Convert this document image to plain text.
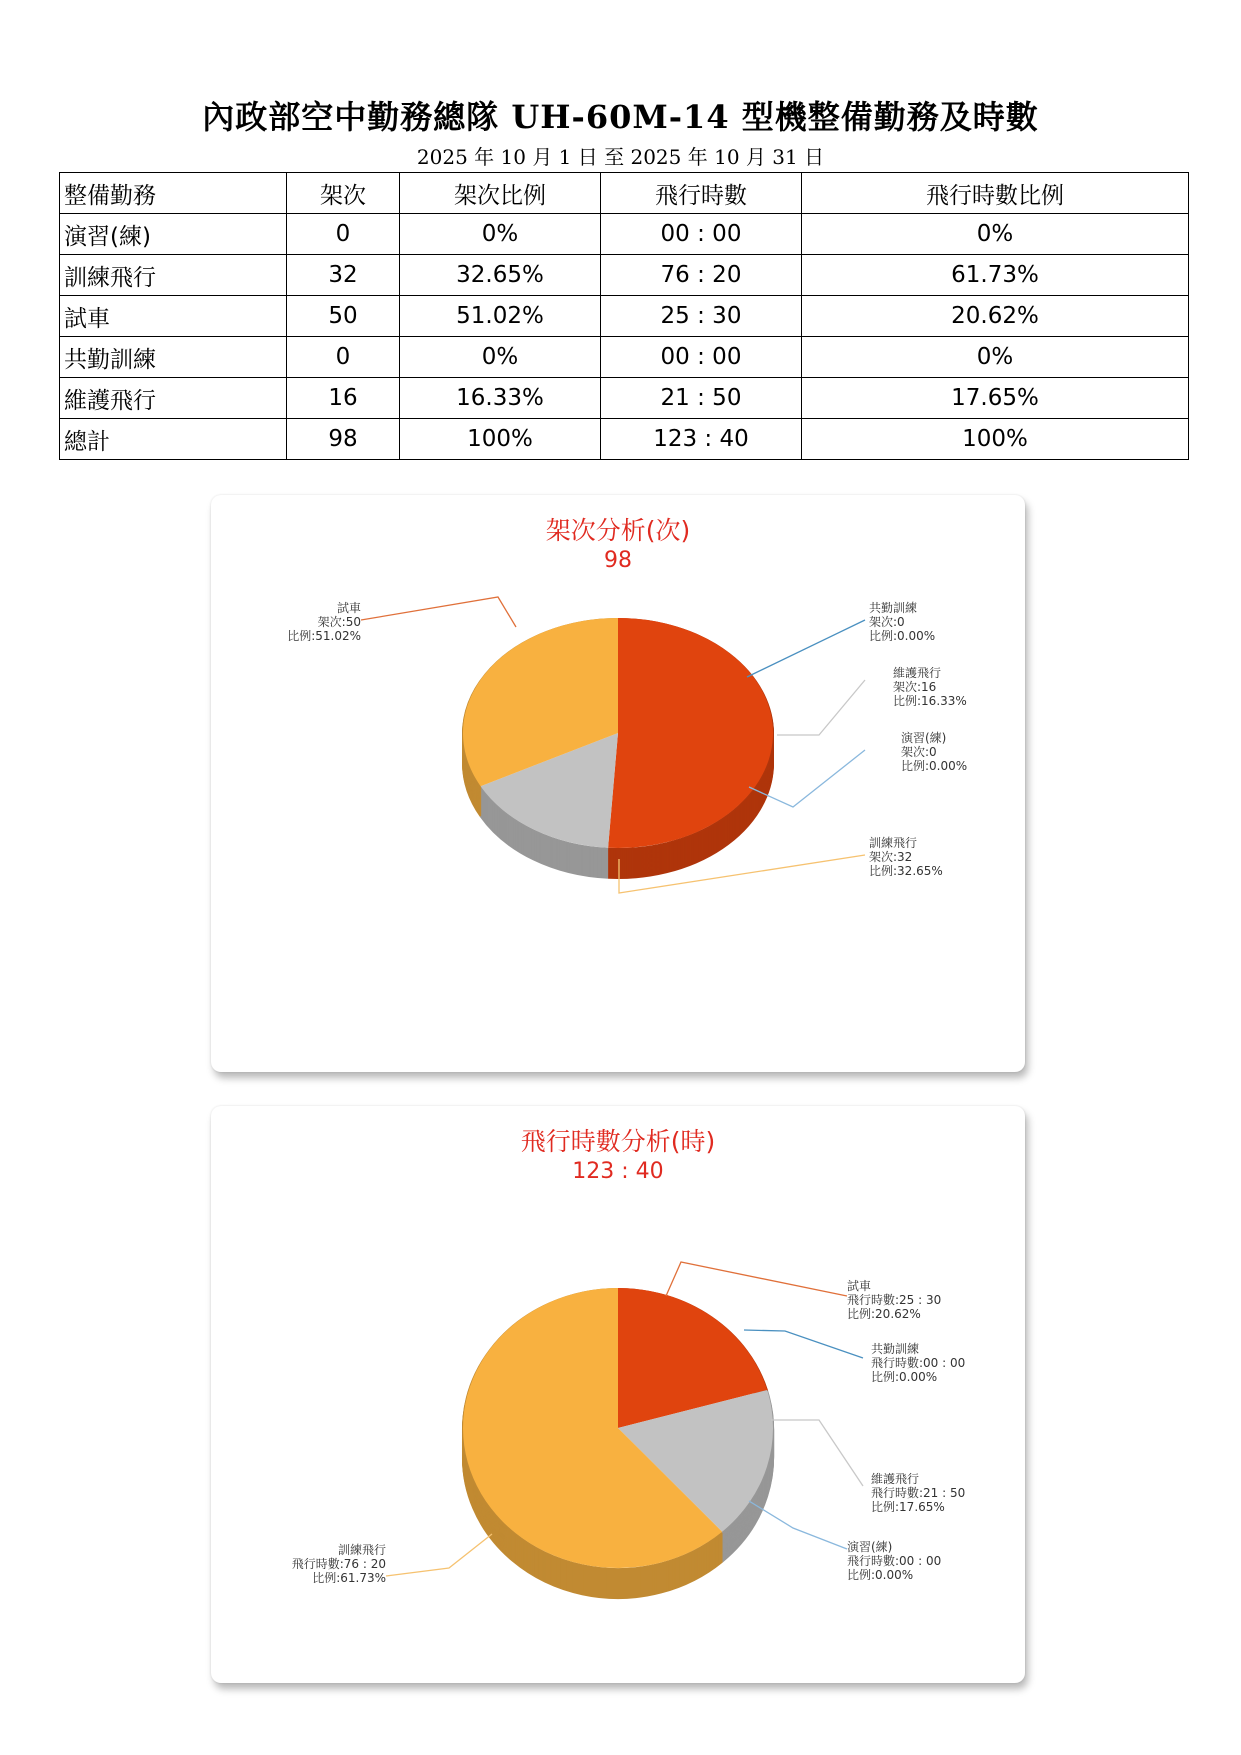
內政部空中勤務總隊 UH-60M-14 型機整備勤務及時數
2025 年 10 月 1 日 至 2025 年 10 月 31 日
整備勤務	架次	架次比例	飛行時數	飛行時數比例
演習(練)	0	0%	00 : 00	0%
訓練飛行	32	32.65%	76 : 20	61.73%
試車	50	51.02%	25 : 30	20.62%
共勤訓練	0	0%	00 : 00	0%
維護飛行	16	16.33%	21 : 50	17.65%
總計	98	100%	123 : 40	100%
架次分析(次)
98
試車
架次:50
比例:51.02%
共勤訓練
架次:0
比例:0.00%
維護飛行
架次:16
比例:16.33%
演習(練)
架次:0
比例:0.00%
訓練飛行
架次:32
比例:32.65%
飛行時數分析(時)
123 : 40
試車
飛行時數:25 : 30
比例:20.62%
共勤訓練
飛行時數:00 : 00
比例:0.00%
維護飛行
飛行時數:21 : 50
比例:17.65%
演習(練)
飛行時數:00 : 00
比例:0.00%
訓練飛行
飛行時數:76 : 20
比例:61.73%
